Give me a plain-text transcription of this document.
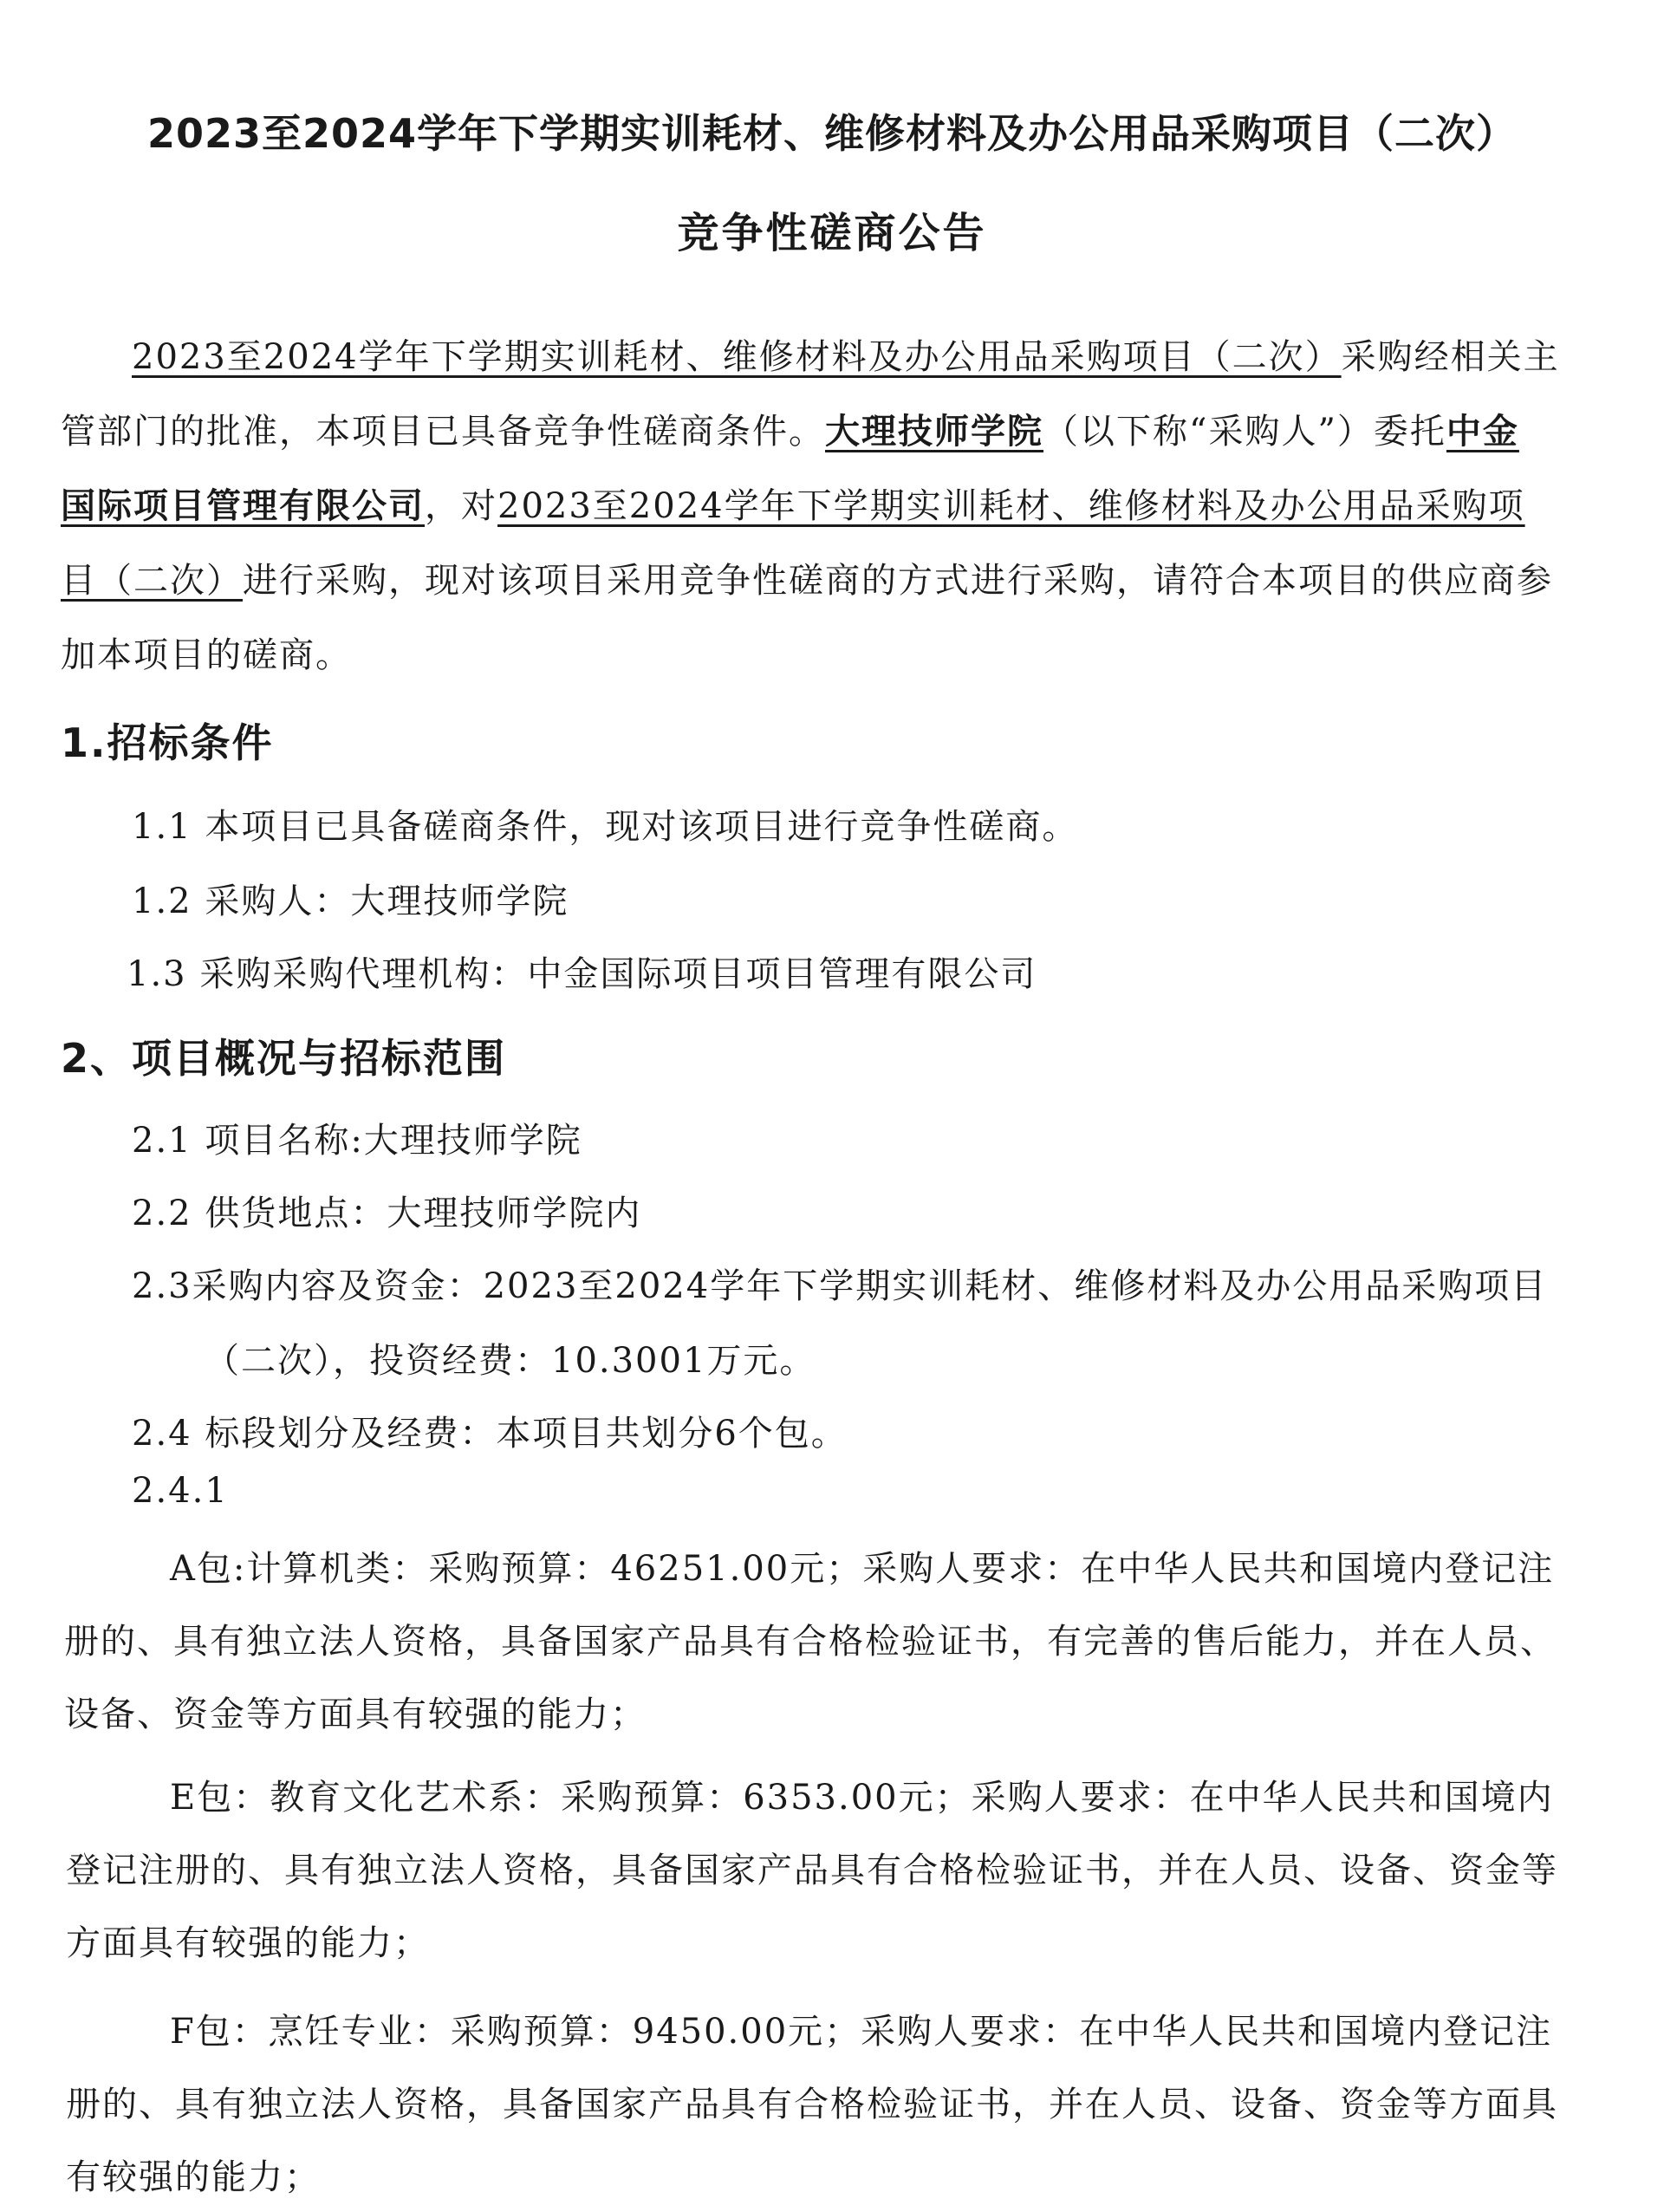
2023至2024学年下学期实训耗材、维修材料及办公用品采购项目（二次）
竞争性磋商公告
2023至2024学年下学期实训耗材、维修材料及办公用品采购项目（二次）采购经相关主
管部门的批准，本项目已具备竞争性磋商条件。大理技师学院（以下称“采购人”）委托中金
国际项目管理有限公司，对2023至2024学年下学期实训耗材、维修材料及办公用品采购项
目（二次）进行采购，现对该项目采用竞争性磋商的方式进行采购，请符合本项目的供应商参
加本项目的磋商。
1.招标条件
1.1 本项目已具备磋商条件，现对该项目进行竞争性磋商。
1.2 采购人：大理技师学院
1.3 采购采购代理机构：中金国际项目项目管理有限公司
2、项目概况与招标范围
2.1 项目名称:大理技师学院
2.2 供货地点：大理技师学院内
2.3采购内容及资金：2023至2024学年下学期实训耗材、维修材料及办公用品采购项目
（二次），投资经费：10.3001万元。
2.4 标段划分及经费：本项目共划分6个包。
2.4.1
A包:计算机类：采购预算：46251.00元；采购人要求：在中华人民共和国境内登记注
册的、具有独立法人资格，具备国家产品具有合格检验证书，有完善的售后能力，并在人员、
设备、资金等方面具有较强的能力；
E包：教育文化艺术系：采购预算：6353.00元；采购人要求：在中华人民共和国境内
登记注册的、具有独立法人资格，具备国家产品具有合格检验证书，并在人员、设备、资金等
方面具有较强的能力；
F包：烹饪专业：采购预算：9450.00元；采购人要求：在中华人民共和国境内登记注
册的、具有独立法人资格，具备国家产品具有合格检验证书，并在人员、设备、资金等方面具
有较强的能力；
